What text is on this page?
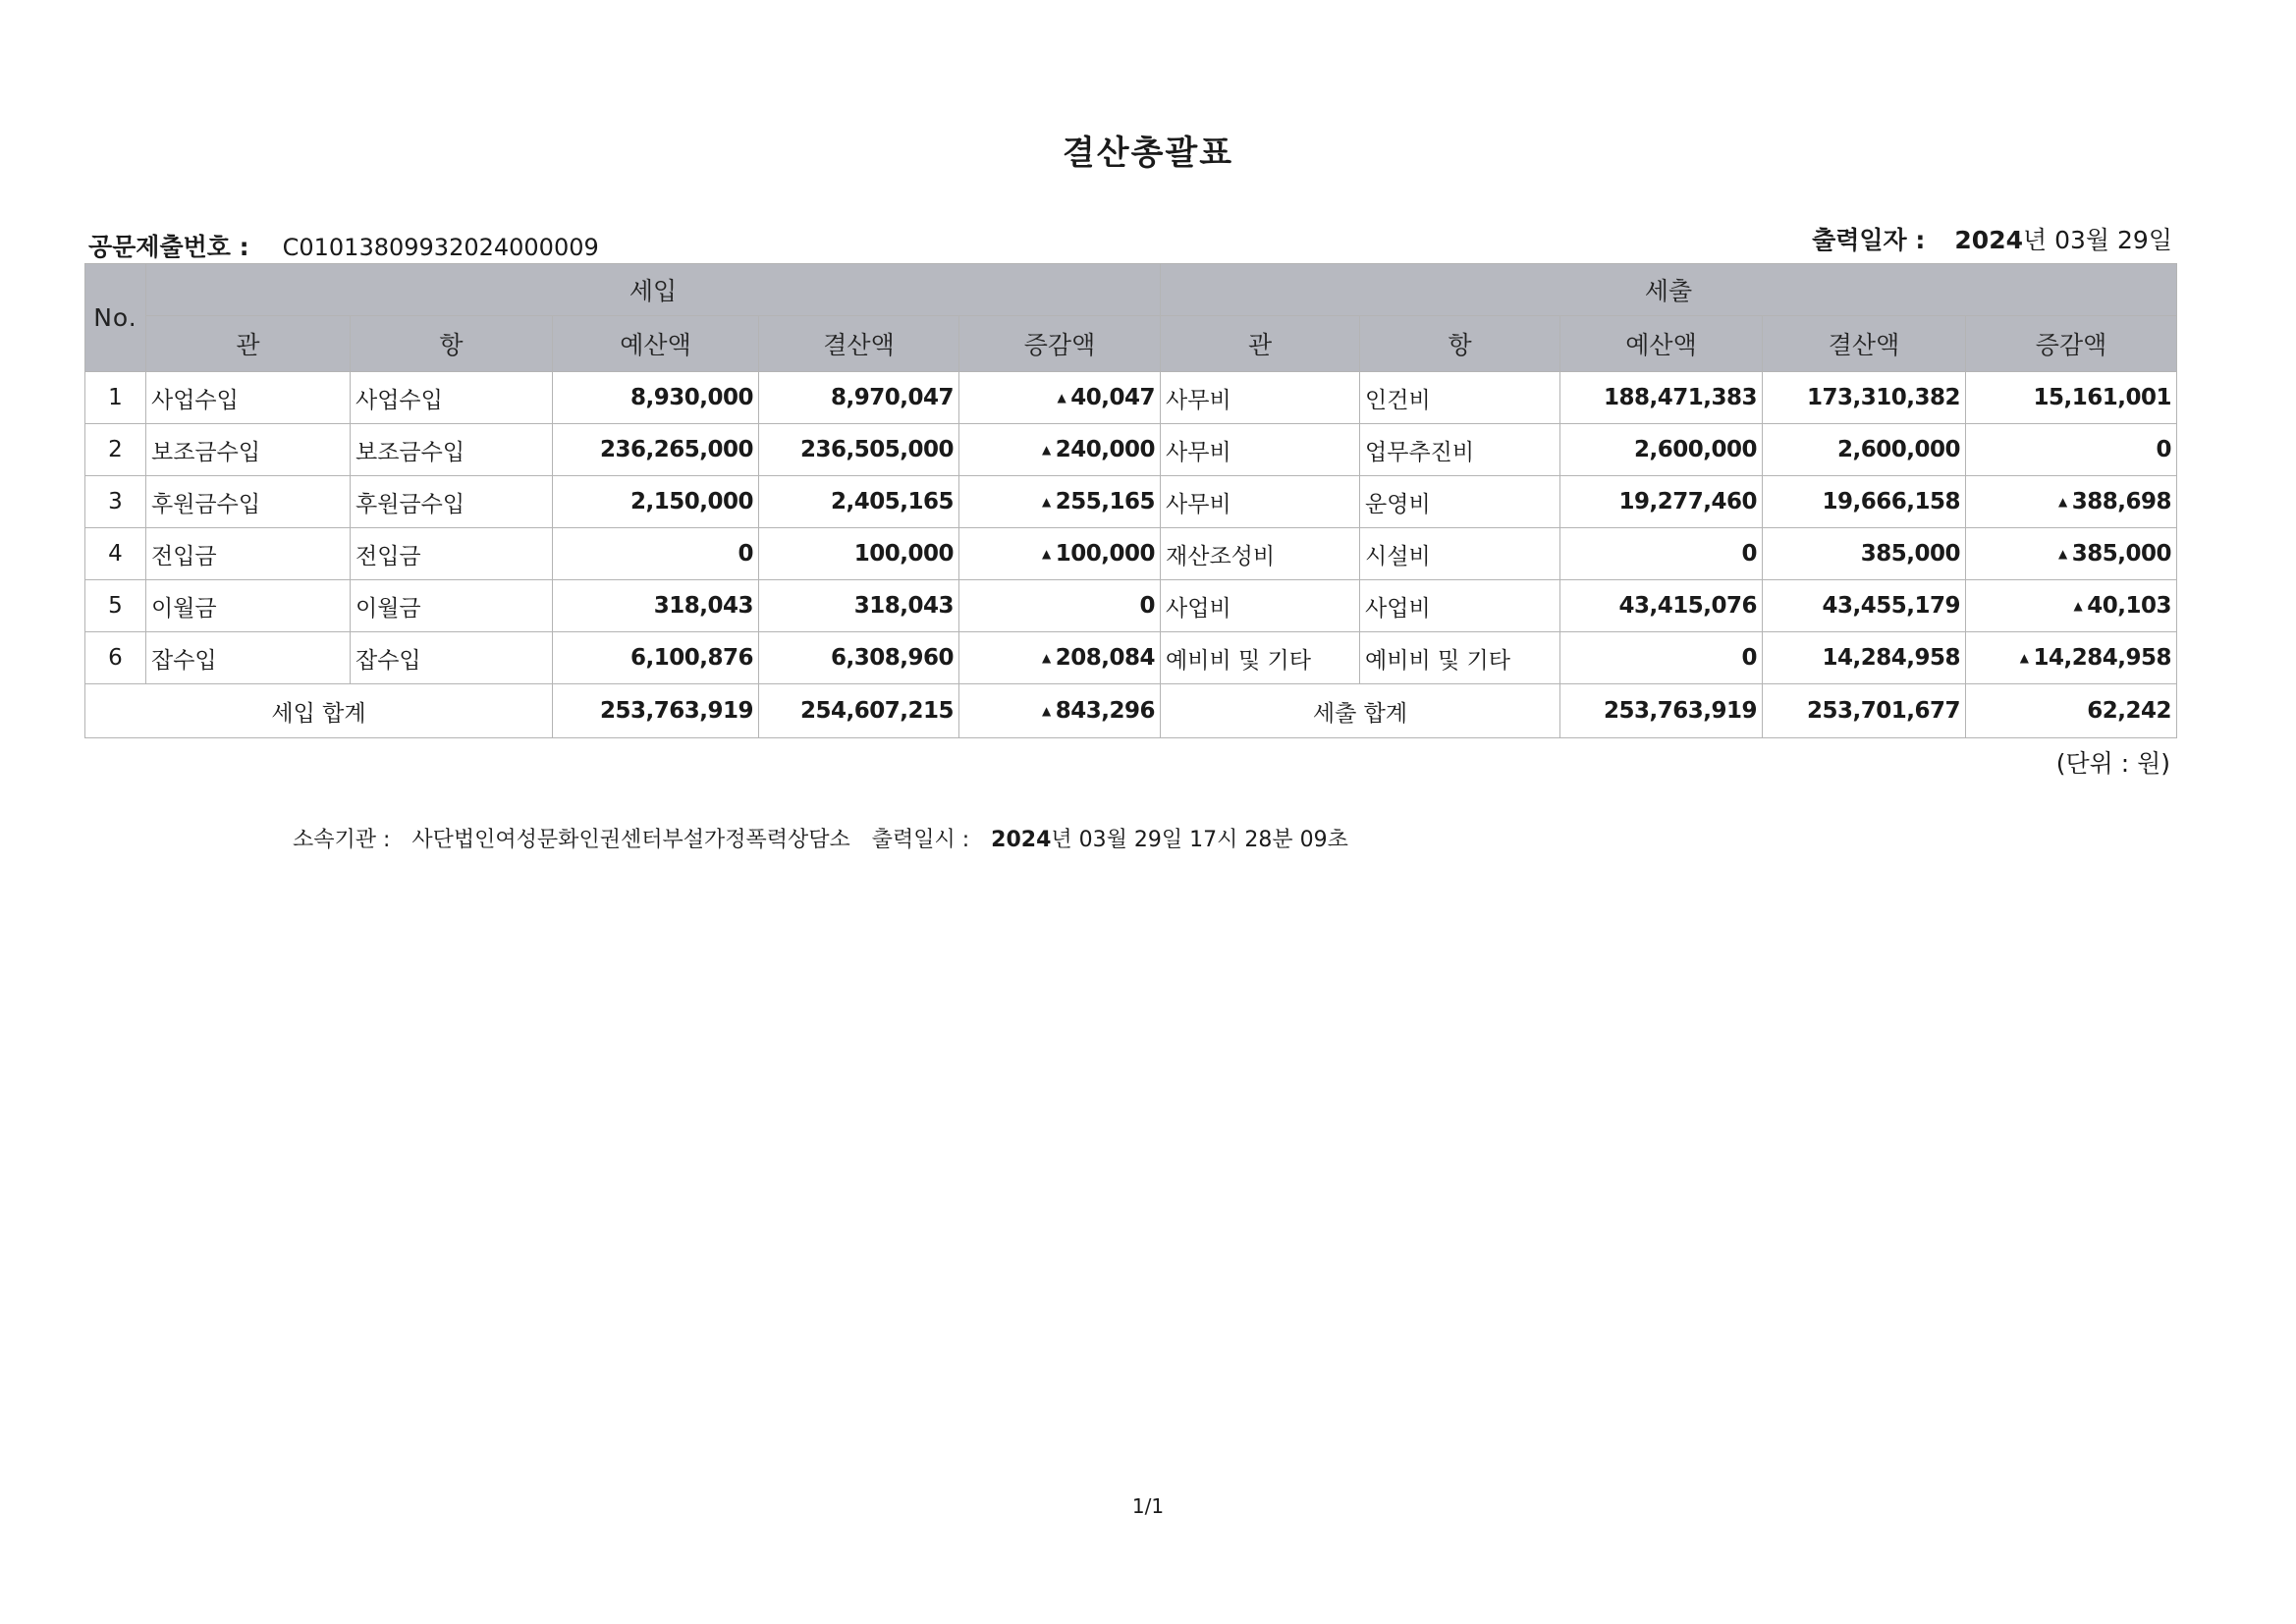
결산총괄표
공문제출번호 : C01013809932024000009	출력일자 : 2024년 03월 29일
No.	세입					세출				
	관	항	예산액	결산액	증감액	관	항	예산액	결산액	증감액
1	사업수입	사업수입	8,930,000	8,970,047	▲ 40,047	사무비	인건비	188,471,383	173,310,382	15,161,001
2	보조금수입	보조금수입	236,265,000	236,505,000	▲ 240,000	사무비	업무추진비	2,600,000	2,600,000	0
3	후원금수입	후원금수입	2,150,000	2,405,165	▲ 255,165	사무비	운영비	19,277,460	19,666,158	▲ 388,698
4	전입금	전입금	0	100,000	▲ 100,000	재산조성비	시설비	0	385,000	▲ 385,000
5	이월금	이월금	318,043	318,043	0	사업비	사업비	43,415,076	43,455,179	▲ 40,103
6	잡수입	잡수입	6,100,876	6,308,960	▲ 208,084	예비비 및 기타	예비비 및 기타	0	14,284,958	▲ 14,284,958
세입 합계			253,763,919	254,607,215	▲ 843,296	세출 합계		253,763,919	253,701,677	62,242
(단위 : 원)
소속기관 : 사단법인여성문화인권센터부설가정폭력상담소 출력일시 : 2024년 03월 29일 17시 28분 09초
1/1
